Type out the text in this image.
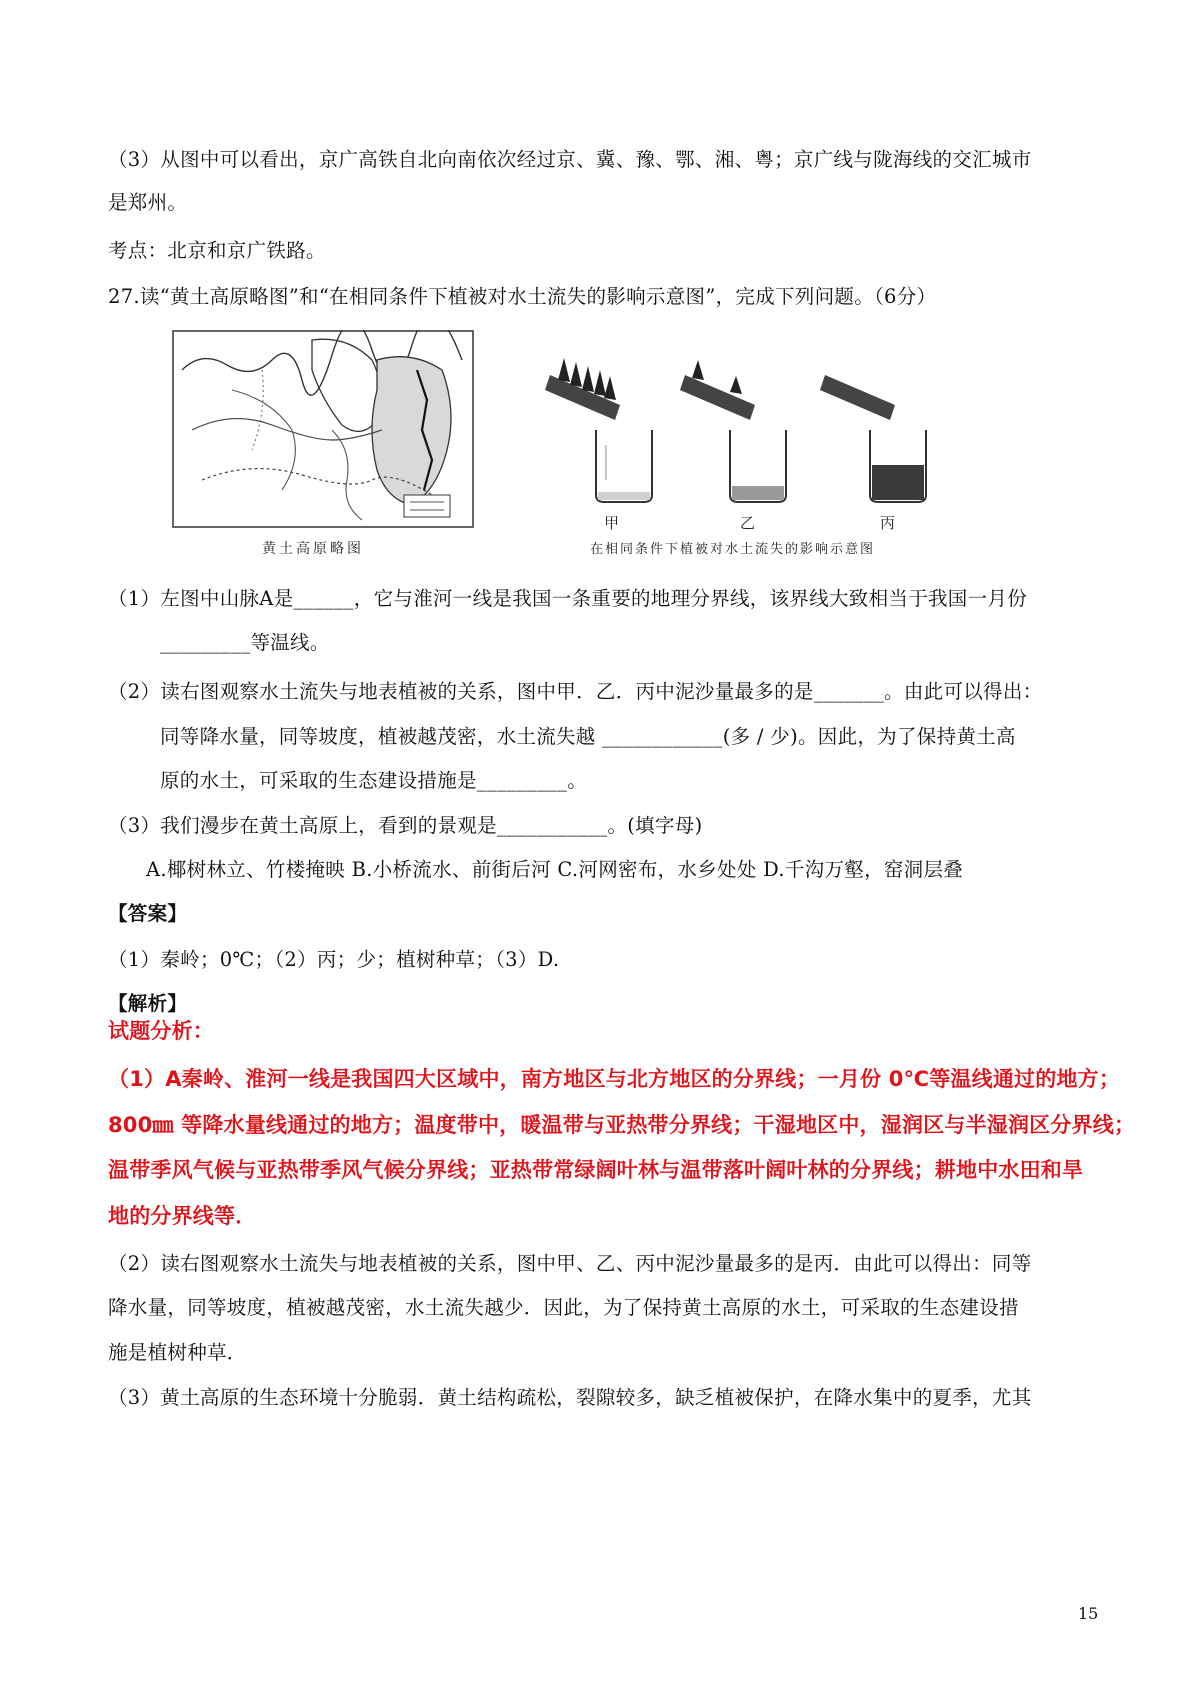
（3）从图中可以看出，京广高铁自北向南依次经过京、冀、豫、鄂、湘、粤；京广线与陇海线的交汇城市
是郑州。
考点：北京和京广铁路。
27.读“黄土高原略图”和“在相同条件下植被对水土流失的影响示意图”，完成下列问题。（6分）
黄土高原略图
甲	乙	丙
在相同条件下植被对水土流失的影响示意图
（1）左图中山脉A是______，它与淮河一线是我国一条重要的地理分界线，该界线大致相当于我国一月份
_________等温线。
（2）读右图观察水土流失与地表植被的关系，图中甲．乙．丙中泥沙量最多的是_______。由此可以得出：
同等降水量，同等坡度，植被越茂密，水土流失越 ____________(多 / 少)。因此，为了保持黄土高
原的水土，可采取的生态建设措施是_________。
（3）我们漫步在黄土高原上，看到的景观是___________。(填字母)
A.椰树林立、竹楼掩映 B.小桥流水、前街后河 C.河网密布，水乡处处 D.千沟万壑，窑洞层叠
【答案】
（1）秦岭；0℃；（2）丙；少；植树种草；（3）D.
【解析】
试题分析：
（1）A秦岭、淮河一线是我国四大区域中，南方地区与北方地区的分界线；一月份 0℃等温线通过的地方；
800㎜ 等降水量线通过的地方；温度带中，暖温带与亚热带分界线；干湿地区中，湿润区与半湿润区分界线；
温带季风气候与亚热带季风气候分界线；亚热带常绿阔叶林与温带落叶阔叶林的分界线；耕地中水田和旱
地的分界线等．
（2）读右图观察水土流失与地表植被的关系，图中甲、乙、丙中泥沙量最多的是丙．由此可以得出：同等
降水量，同等坡度，植被越茂密，水土流失越少．因此，为了保持黄土高原的水土，可采取的生态建设措
施是植树种草．
（3）黄土高原的生态环境十分脆弱．黄土结构疏松，裂隙较多，缺乏植被保护，在降水集中的夏季，尤其
15
